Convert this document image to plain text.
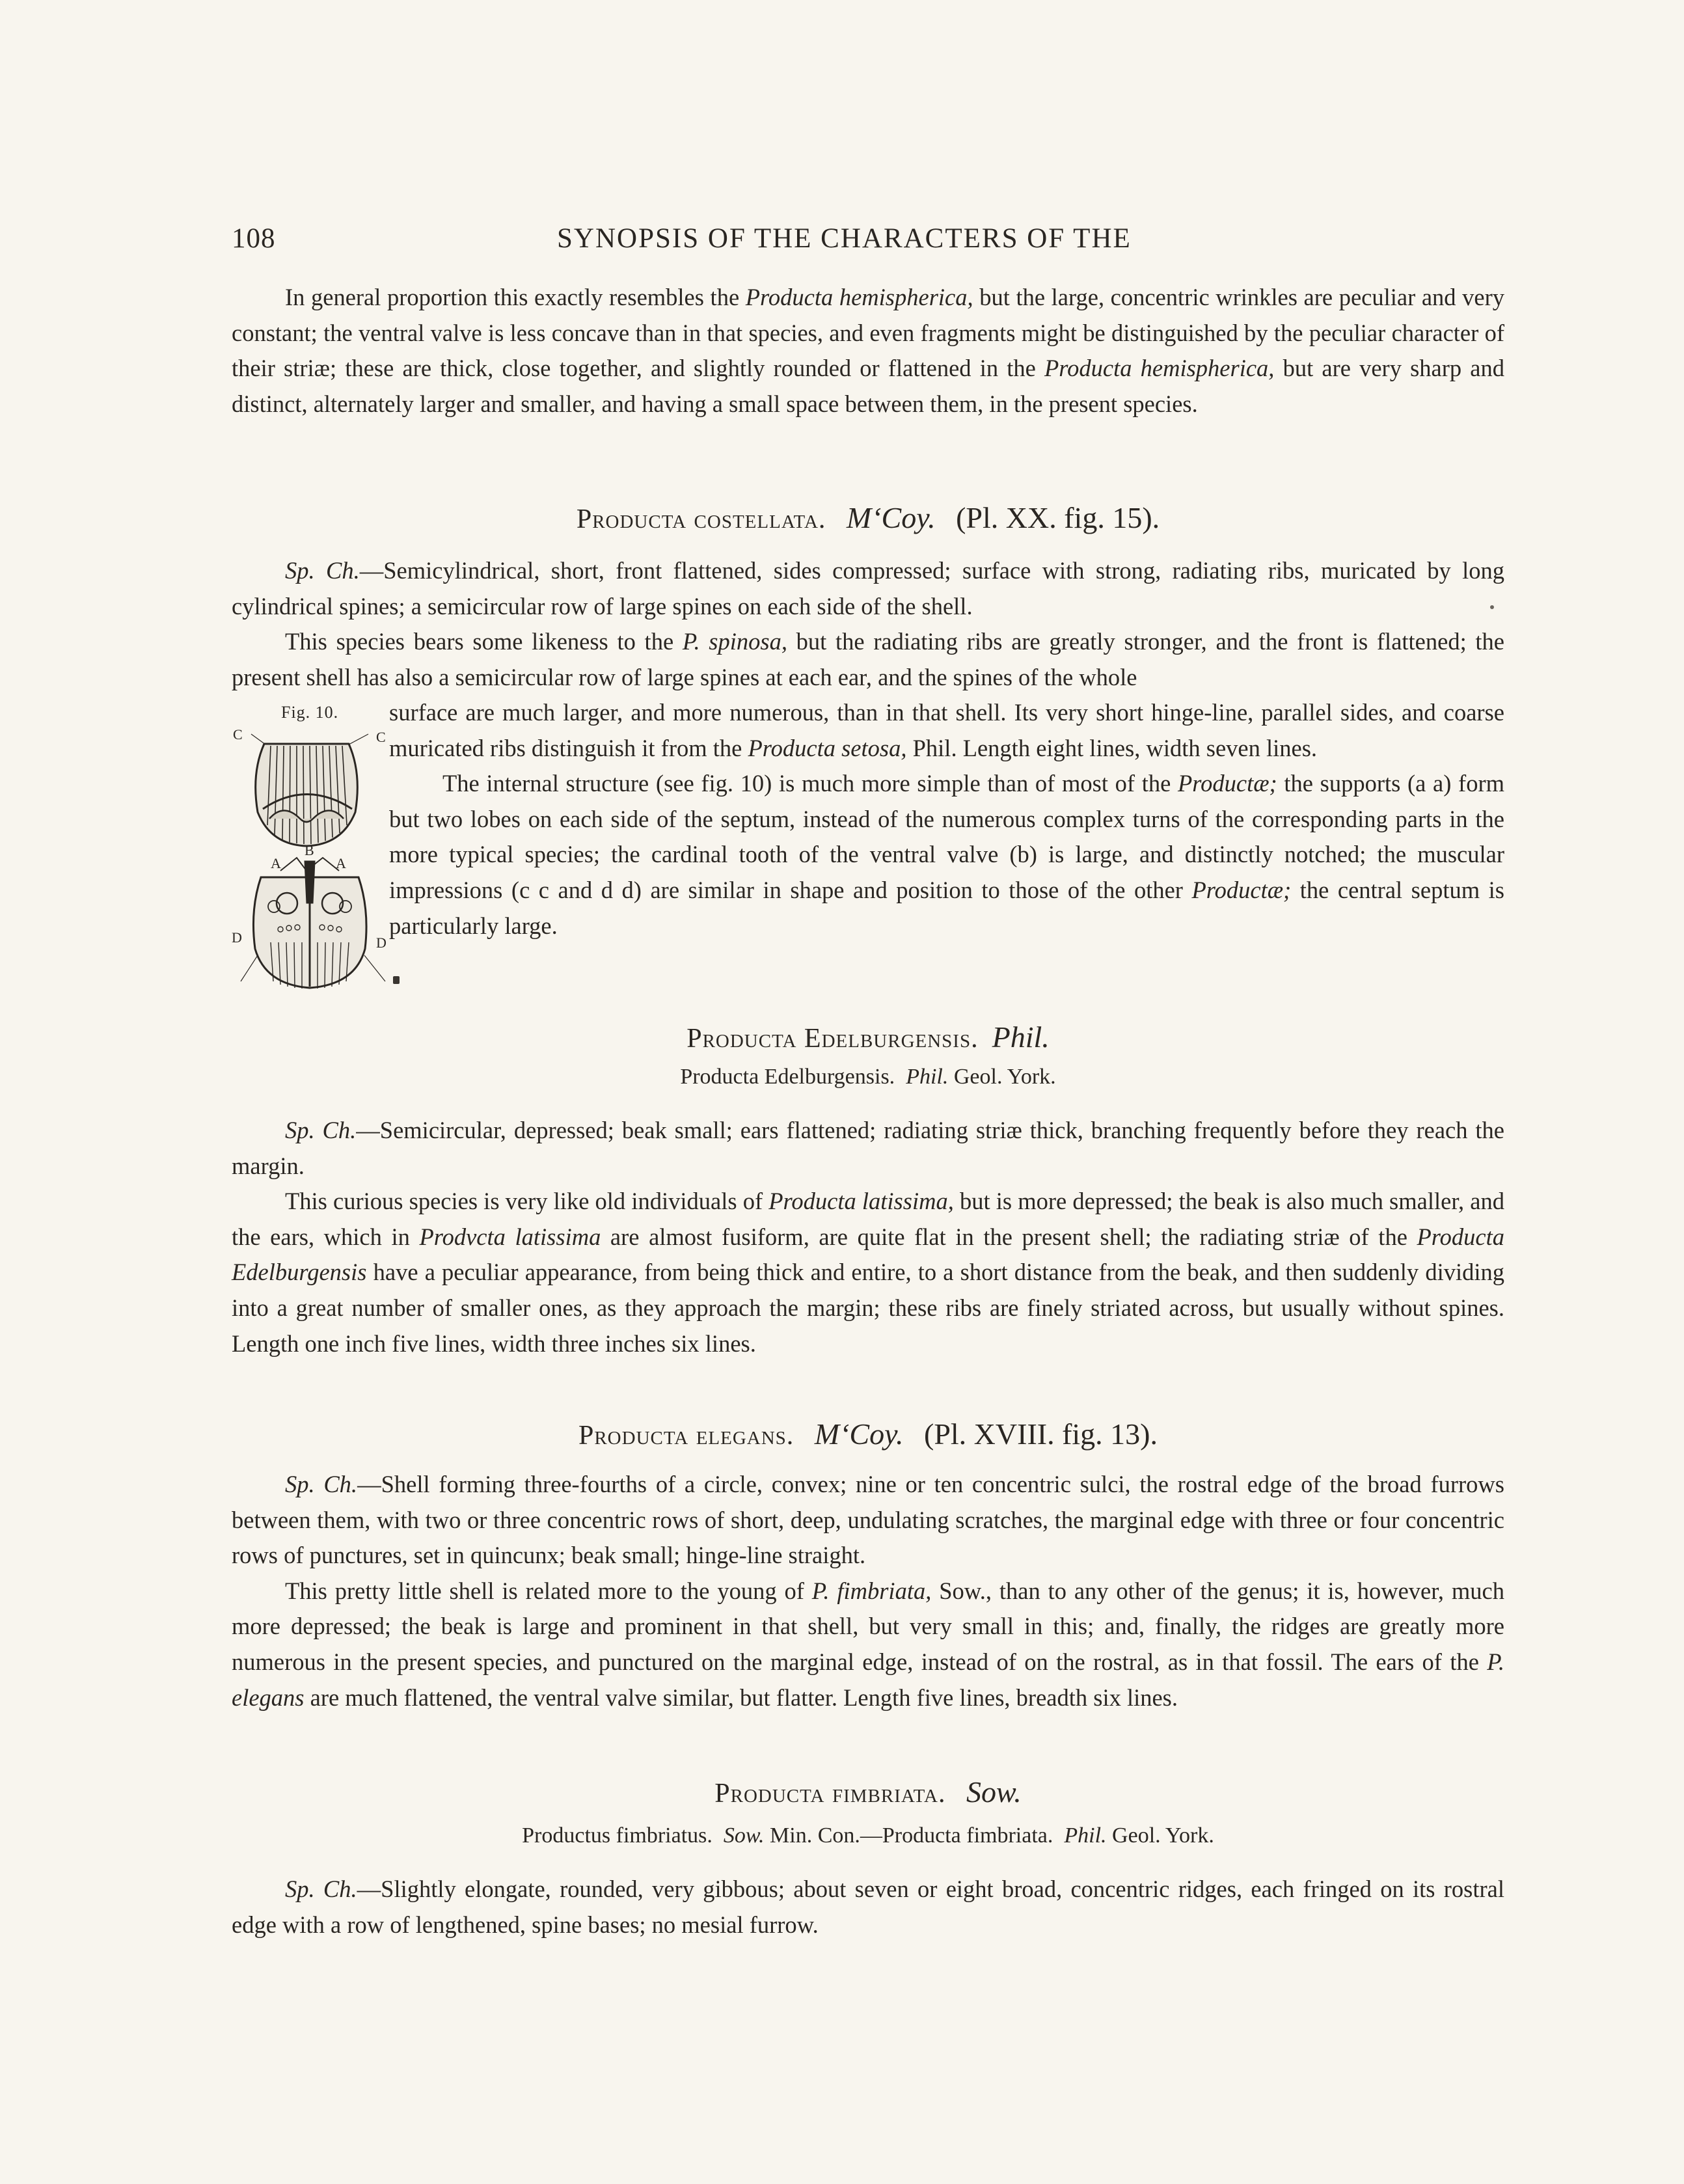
108	SYNOPSIS OF THE CHARACTERS OF THE

In general proportion this exactly resembles the Producta hemispherica, but the large, concentric wrinkles are peculiar and very constant; the ventral valve is less concave than in that species, and even fragments might be distinguished by the peculiar character of their striæ; these are thick, close together, and slightly rounded or flattened in the Producta hemispherica, but are very sharp and distinct, alternately larger and smaller, and having a small space between them, in the present species.

Producta costellata. M‘Coy. (Pl. XX. fig. 15).

Sp. Ch.—Semicylindrical, short, front flattened, sides compressed; surface with strong, radiating ribs, muricated by long cylindrical spines; a semicircular row of large spines on each side of the shell.

This species bears some likeness to the P. spinosa, but the radiating ribs are greatly stronger, and the front is flattened; the present shell has also a semicircular row of large spines at each ear, and the spines of the whole

Fig. 10.
C	C
B
A	A
D	D

surface are much larger, and more numerous, than in that shell. Its very short hinge-line, parallel sides, and coarse muricated ribs distinguish it from the Producta setosa, Phil. Length eight lines, width seven lines.

The internal structure (see fig. 10) is much more simple than of most of the Productæ; the supports (a a) form but two lobes on each side of the septum, instead of the numerous complex turns of the corresponding parts in the more typical species; the cardinal tooth of the ventral valve (b) is large, and distinctly notched; the muscular impressions (c c and d d) are similar in shape and position to those of the other Productæ; the central septum is particularly large.

Producta Edelburgensis. Phil.
Producta Edelburgensis.  Phil. Geol. York.

Sp. Ch.—Semicircular, depressed; beak small; ears flattened; radiating striæ thick, branching frequently before they reach the margin.

This curious species is very like old individuals of Producta latissima, but is more depressed; the beak is also much smaller, and the ears, which in Prodvcta latissima are almost fusiform, are quite flat in the present shell; the radiating striæ of the Producta Edelburgensis have a peculiar appearance, from being thick and entire, to a short distance from the beak, and then suddenly dividing into a great number of smaller ones, as they approach the margin; these ribs are finely striated across, but usually without spines. Length one inch five lines, width three inches six lines.

Producta elegans. M‘Coy. (Pl. XVIII. fig. 13).

Sp. Ch.—Shell forming three-fourths of a circle, convex; nine or ten concentric sulci, the rostral edge of the broad furrows between them, with two or three concentric rows of short, deep, undulating scratches, the marginal edge with three or four concentric rows of punctures, set in quincunx; beak small; hinge-line straight.

This pretty little shell is related more to the young of P. fimbriata, Sow., than to any other of the genus; it is, however, much more depressed; the beak is large and prominent in that shell, but very small in this; and, finally, the ridges are greatly more numerous in the present species, and punctured on the marginal edge, instead of on the rostral, as in that fossil. The ears of the P. elegans are much flattened, the ventral valve similar, but flatter. Length five lines, breadth six lines.

Producta fimbriata. Sow.
Productus fimbriatus.  Sow. Min. Con.—Producta fimbriata.  Phil. Geol. York.

Sp. Ch.—Slightly elongate, rounded, very gibbous; about seven or eight broad, concentric ridges, each fringed on its rostral edge with a row of lengthened, spine bases; no mesial furrow.
